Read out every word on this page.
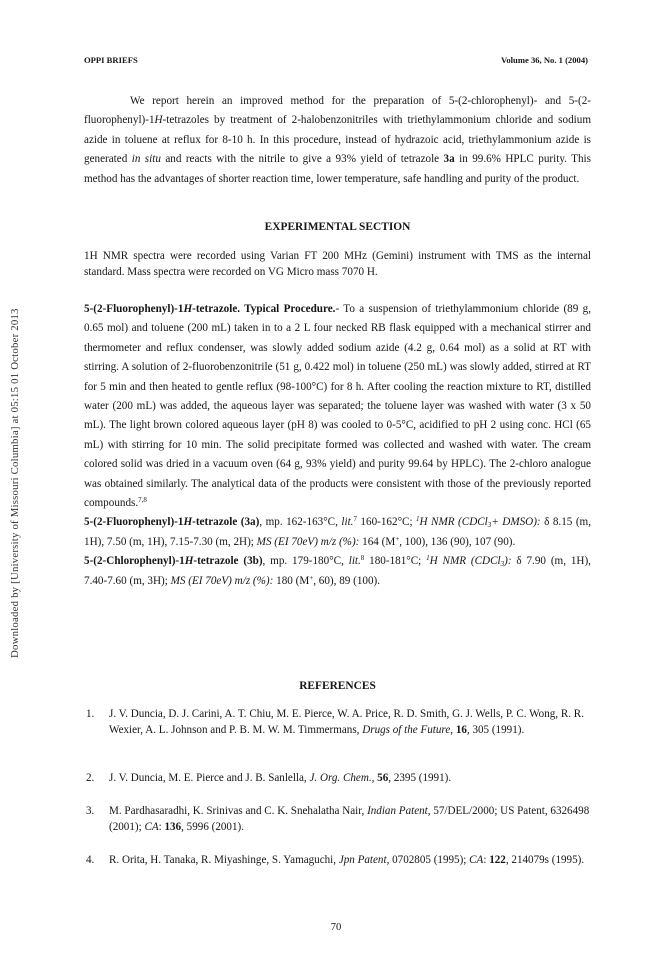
OPPI BRIEFS	Volume 36, No. 1 (2004)
Downloaded by [University of Missouri Columbia] at 05:15 01 October 2013

We report herein an improved method for the preparation of 5-(2-chlorophenyl)- and 5-(2-fluorophenyl)-1H-tetrazoles by treatment of 2-halobenzonitriles with triethylammonium chloride and sodium azide in toluene at reflux for 8-10 h. In this procedure, instead of hydrazoic acid, triethylammonium azide is generated in situ and reacts with the nitrile to give a 93% yield of tetrazole 3a in 99.6% HPLC purity. This method has the advantages of shorter reaction time, lower temperature, safe handling and purity of the product.

EXPERIMENTAL SECTION

1H NMR spectra were recorded using Varian FT 200 MHz (Gemini) instrument with TMS as the internal standard. Mass spectra were recorded on VG Micro mass 7070 H.

5-(2-Fluorophenyl)-1H-tetrazole. Typical Procedure.- To a suspension of triethylammonium chloride (89 g, 0.65 mol) and toluene (200 mL) taken in to a 2 L four necked RB flask equipped with a mechanical stirrer and thermometer and reflux condenser, was slowly added sodium azide (4.2 g, 0.64 mol) as a solid at RT with stirring. A solution of 2-fluorobenzonitrile (51 g, 0.422 mol) in toluene (250 mL) was slowly added, stirred at RT for 5 min and then heated to gentle reflux (98-100°C) for 8 h. After cooling the reaction mixture to RT, distilled water (200 mL) was added, the aqueous layer was separated; the toluene layer was washed with water (3 x 50 mL). The light brown colored aqueous layer (pH 8) was cooled to 0-5°C, acidified to pH 2 using conc. HCl (65 mL) with stirring for 10 min. The solid precipitate formed was collected and washed with water. The cream colored solid was dried in a vacuum oven (64 g, 93% yield) and purity 99.64 by HPLC). The 2-chloro analogue was obtained similarly. The analytical data of the products were consistent with those of the previously reported compounds.$^{7,8}$

5-(2-Fluorophenyl)-1H-tetrazole (3a), mp. 162-163°C, lit.$^7$ 160-162°C; $^1$H NMR (CDCl$_3$+ DMSO): δ 8.15 (m, 1H), 7.50 (m, 1H), 7.15-7.30 (m, 2H); MS (EI 70eV) m/z (%): 164 (M+, 100), 136 (90), 107 (90).

5-(2-Chlorophenyl)-1H-tetrazole (3b), mp. 179-180°C, lit.$^8$ 180-181°C; $^1$H NMR (CDCl$_3$): δ 7.90 (m, 1H), 7.40-7.60 (m, 3H); MS (EI 70eV) m/z (%): 180 (M+, 60), 89 (100).

REFERENCES
1. J. V. Duncia, D. J. Carini, A. T. Chiu, M. E. Pierce, W. A. Price, R. D. Smith, G. J. Wells, P. C. Wong, R. R. Wexier, A. L. Johnson and P. B. M. W. M. Timmermans, Drugs of the Future, 16, 305 (1991).
2. J. V. Duncia, M. E. Pierce and J. B. Sanlella, J. Org. Chem., 56, 2395 (1991).
3. M. Pardhasaradhi, K. Srinivas and C. K. Snehalatha Nair, Indian Patent, 57/DEL/2000; US Patent, 6326498 (2001); CA: 136, 5996 (2001).
4. R. Orita, H. Tanaka, R. Miyashinge, S. Yamaguchi, Jpn Patent, 0702805 (1995); CA: 122, 214079s (1995).
70
